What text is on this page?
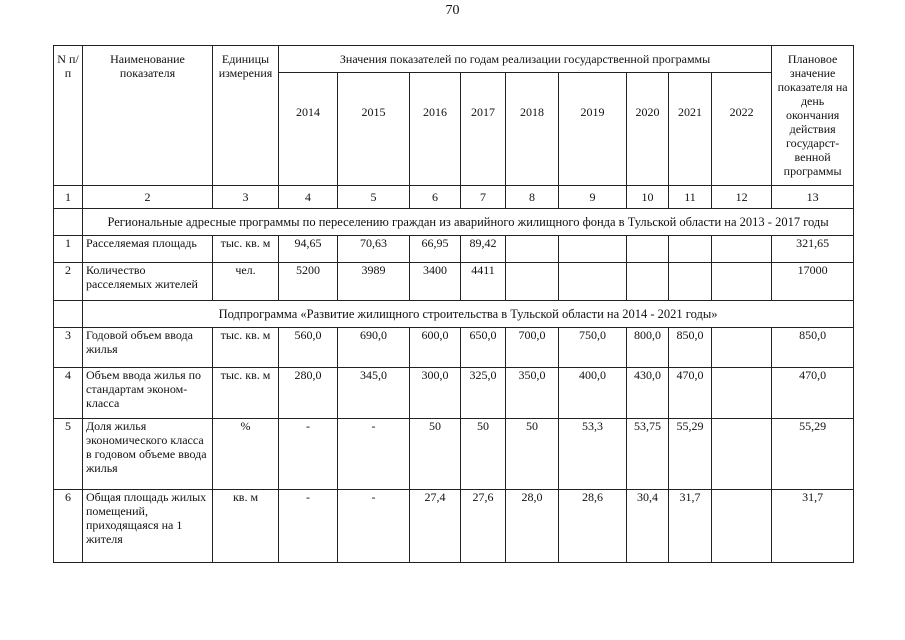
70
N п/п	Наименование показателя	Единицы измерения	Значения показателей по годам реализации государственной программы									Плановое значение показателя на день окончания действия государст-венной программы
			2014	2015	2016	2017	2018	2019	2020	2021	2022	
1	2	3	4	5	6	7	8	9	10	11	12	13
	Региональные адресные программы по переселению граждан из аварийного жилищного фонда в Тульской области на 2013 - 2017 годы											
1	Расселяемая площадь	тыс. кв. м	94,65	70,63	66,95	89,42						321,65
2	Количество расселяемых жителей	чел.	5200	3989	3400	4411						17000
	Подпрограмма «Развитие жилищного строительства в Тульской области на 2014 - 2021 годы»											
3	Годовой объем ввода жилья	тыс. кв. м	560,0	690,0	600,0	650,0	700,0	750,0	800,0	850,0		850,0
4	Объем ввода жилья по стандартам эконом-класса	тыс. кв. м	280,0	345,0	300,0	325,0	350,0	400,0	430,0	470,0		470,0
5	Доля жилья экономического класса в годовом объеме ввода жилья	%	-	-	50	50	50	53,3	53,75	55,29		55,29
6	Общая площадь жилых помещений, приходящаяся на 1 жителя	кв. м	-	-	27,4	27,6	28,0	28,6	30,4	31,7		31,7
